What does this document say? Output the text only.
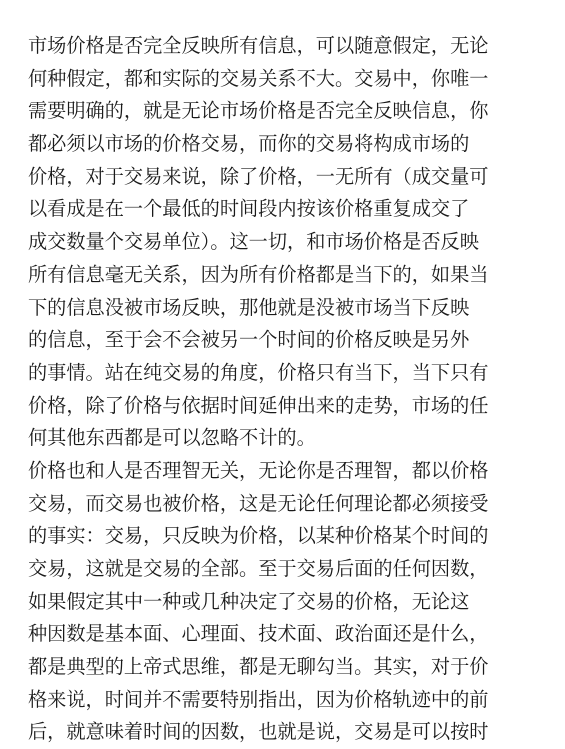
市场价格是否完全反映所有信息，可以随意假定，无论
何种假定，都和实际的交易关系不大。交易中，你唯一
需要明确的，就是无论市场价格是否完全反映信息，你
都必须以市场的价格交易，而你的交易将构成市场的
价格，对于交易来说，除了价格，一无所有（成交量可
以看成是在一个最低的时间段内按该价格重复成交了
成交数量个交易单位）。这一切，和市场价格是否反映
所有信息毫无关系，因为所有价格都是当下的，如果当
下的信息没被市场反映，那他就是没被市场当下反映
的信息，至于会不会被另一个时间的价格反映是另外
的事情。站在纯交易的角度，价格只有当下，当下只有
价格，除了价格与依据时间延伸出来的走势，市场的任
何其他东西都是可以忽略不计的。
价格也和人是否理智无关，无论你是否理智，都以价格
交易，而交易也被价格，这是无论任何理论都必须接受
的事实：交易，只反映为价格，以某种价格某个时间的
交易，这就是交易的全部。至于交易后面的任何因数，
如果假定其中一种或几种决定了交易的价格，无论这
种因数是基本面、心理面、技术面、政治面还是什么，
都是典型的上帝式思维，都是无聊勾当。其实，对于价
格来说，时间并不需要特别指出，因为价格轨迹中的前
后，就意味着时间的因数，也就是说，交易是可以按时
